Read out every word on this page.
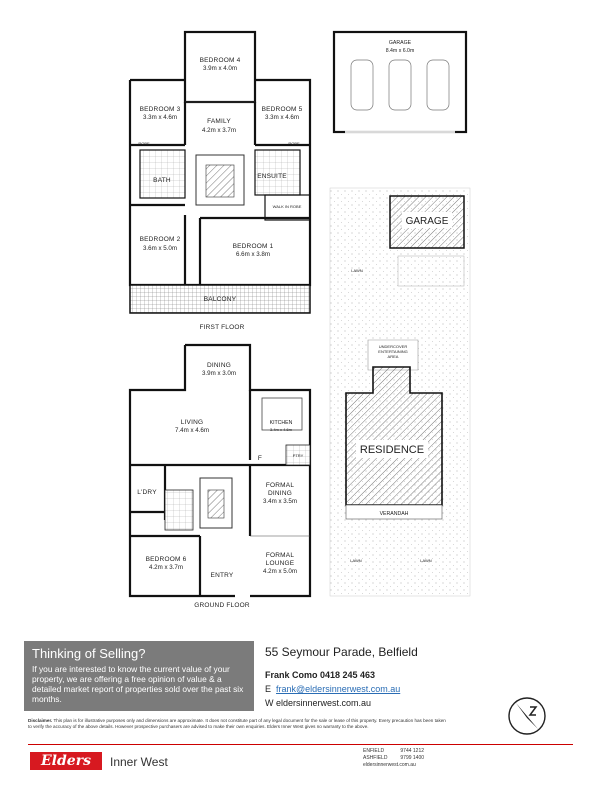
BEDROOM 4
3.9m x 4.0m
BEDROOM 3
3.3m x 4.6m
FAMILY
4.2m x 3.7m
BEDROOM 5
3.3m x 4.6m
ROBE	ROBE
BATH
ENSUITE
WALK IN ROBE
BEDROOM 2
3.6m x 5.0m	BEDROOM 1
6.6m x 3.8m
BALCONY
FIRST FLOOR
DINING
3.9m x 3.0m
LIVING
7.4m x 4.6m
KITCHEN
3.4m x 4.6m
PTRY
F
L'DRY
FORMAL
DINING
3.4m x 3.5m
BEDROOM 6
4.2m x 3.7m
FORMAL
LOUNGE
4.2m x 5.0m
ENTRY
GROUND FLOOR
GARAGE
8.4m x 6.0m
GARAGE
LAWN
UNDERCOVER
ENTERTAINING
AREA
RESIDENCE
VERANDAH
LAWN	LAWN
Thinking of Selling?
If you are interested to know the current value of your property, we are offering a free opinion of value & a detailed market report of properties sold over the past six months.
55 Seymour Parade, Belfield
Frank Como 0418 245 463
E frank@eldersinnerwest.com.au
W eldersinnerwest.com.au
Disclaimer. This plan is for illustrative purposes only and dimensions are approximate. It does not constitute part of any legal document for the sale or lease of this property. Every precaution has been taken to verify the accuracy of the above details. However prospective purchasers are advised to make their own enquiries. Elders Inner West gives no warranty to the above.
Elders	Inner West
ENFIELD	9744 1212
ASHFIELD	9799 1400
eldersinnerwest.com.au
